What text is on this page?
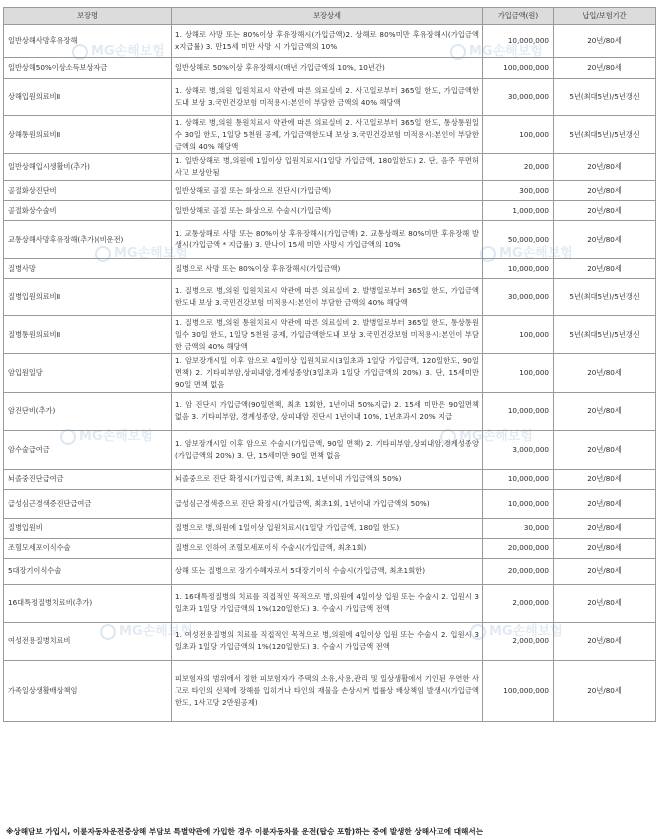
보장명	보장상세	가입금액(원)	납입/보험기간
일반상해사망후유장해	1. 상해로 사망 또는 80%이상 후유장해시(가입금액)2. 상해로 80%미만 후유장해시(가입금액x지급률) 3. 만15세 미만 사망 시 가입금액의 10%	10,000,000	20년/80세
일반상해50%이상소득보상자금	일반상해로 50%이상 후유장해시(매년 가입금액의 10%, 10년간)	100,000,000	20년/80세
상해입원의료비Ⅱ	1. 상해로 병,의원 입원치료시 약관에 따른 의료실비 2. 사고일로부터 365일 한도, 가입금액한도내 보상 3.국민건강보험 미적용시:본인이 부담한 금액의 40% 해당액	30,000,000	5년(최대5년)/5년갱신
상해통원의료비Ⅱ	1. 상해로 병,의원 통원치료시 약관에 따른 의료실비 2. 사고일로부터 365일 한도, 통상통원일수 30일 한도, 1일당 5천원 공제, 가입금액한도내 보상 3.국민건강보험 미적용시:본인이 부담한 금액의 40% 해당액	100,000	5년(최대5년)/5년갱신
일반상해입시생활비(추가)	1. 일반상해로 병,의원에 1일이상 입원치료시(1일당 가입금액, 180일한도) 2. 단, 음주 무면허사고 보상안됨	20,000	20년/80세
골절화상진단비	일반상해로 골절 또는 화상으로 진단시(가입금액)	300,000	20년/80세
골절화상수술비	일반상해로 골절 또는 화상으로 수술시(가입금액)	1,000,000	20년/80세
교통상해사망후유장해(추가)(비운전)	1. 교통상해로 사망 또는 80%이상 후유장해시(가입금액) 2. 교통상해로 80%미만 후유장해 발생시(가입금액 * 지급률) 3. 만나이 15세 미만 사망시 가입금액의 10%	50,000,000	20년/80세
질병사망	질병으로 사망 또는 80%이상 후유장해시(가입금액)	10,000,000	20년/80세
질병입원의료비Ⅱ	1. 질병으로 병,의원 입원치료시 약관에 따른 의료실비 2. 발병일로부터 365일 한도, 가입금액한도내 보상 3.국민건강보험 미적용시:본인이 부담한 금액의 40% 해당액	30,000,000	5년(최대5년)/5년갱신
질병통원의료비Ⅱ	1. 질병으로 병,의원 통원치료시 약관에 따른 의료실비 2. 발병일로부터 365일 한도, 통상통원일수 30일 한도, 1일당 5천원 공제, 가입금액한도내 보상 3.국민건강보험 미적용시:본인이 부담한 금액의 40% 해당액	100,000	5년(최대5년)/5년갱신
암입원일당	1. 암보장개시일 이후 암으로 4일이상 입원치료시(3일초과 1일당 가입금액, 120일한도, 90일 면책) 2. 기타피부암,상피내암,경계성종양(3일초과 1일당 가입금액의 20%) 3. 단, 15세미만 90일 면책 없음	100,000	20년/80세
암진단비(추가)	1. 암 진단시 가입금액(90일면책, 최초 1회한, 1년이내 50%지급) 2. 15세 미만은 90일면책 없음 3. 기타피부암, 경계성종양, 상피내암 진단시 1년이내 10%, 1년초과시 20% 지급	10,000,000	20년/80세
암수술급여금	1. 암보장개시일 이후 암으로 수술시(가입금액, 90일 면책) 2. 기타피부암,상피내암,경계성종양(가입금액의 20%) 3. 단, 15세미만 90일 면책 없음	3,000,000	20년/80세
뇌졸중진단급여금	뇌졸중으로 진단 확정시(가입금액, 최초1회, 1년이내 가입금액의 50%)	10,000,000	20년/80세
급성심근경색증진단급여금	급성심근경색증으로 진단 확정시(가입금액, 최초1회, 1년이내 가입금액의 50%)	10,000,000	20년/80세
질병입원비	질병으로 병,의원에 1일이상 입원치료시(1일당 가입금액, 180일 한도)	30,000	20년/80세
조혈모세포이식수술	질병으로 인하여 조혈모세포이식 수술시(가입금액, 최초1회)	20,000,000	20년/80세
5대장기이식수술	상해 또는 질병으로 장기수혜자로서 5대장기이식 수술시(가입금액, 최초1회한)	20,000,000	20년/80세
16대특정질병치료비(추가)	1. 16대특정질병의 치료를 직접적인 목적으로 병,의원에 4일이상 입원 또는 수술시 2. 입원시 3일초과 1일당 가입금액의 1%(120일한도) 3. 수술시 가입금액 전액	2,000,000	20년/80세
여성전용질병치료비	1. 여성전용질병의 치료를 직접적인 목적으로 병,의원에 4일이상 입원 또는 수술시 2. 입원시 3일초과 1일당 가입금액의 1%(120일한도) 3. 수술시 가입금액 전액	2,000,000	20년/80세
가족일상생활배상책임	피보험자의 범위에서 정한 피보험자가 주택의 소유,사용,관리 및 일상생활에서 기인된 우연한 사고로 타인의 신체에 장해를 입히거나 타인의 재물을 손상시켜 법률상 배상책임 발생시(가입금액 한도, 1사고당 2만원공제)	100,000,000	20년/80세
MG손해보험	MG손해보험
MG손해보험	MG손해보험
MG손해보험	MG손해보험
MG손해보험	MG손해보험
※상해담보 가입시, 이륜자동차운전중상해 부담보 특별약관에 가입한 경우 이륜자동차를 운전(탑승 포함)하는 중에 발생한 상해사고에 대해서는
